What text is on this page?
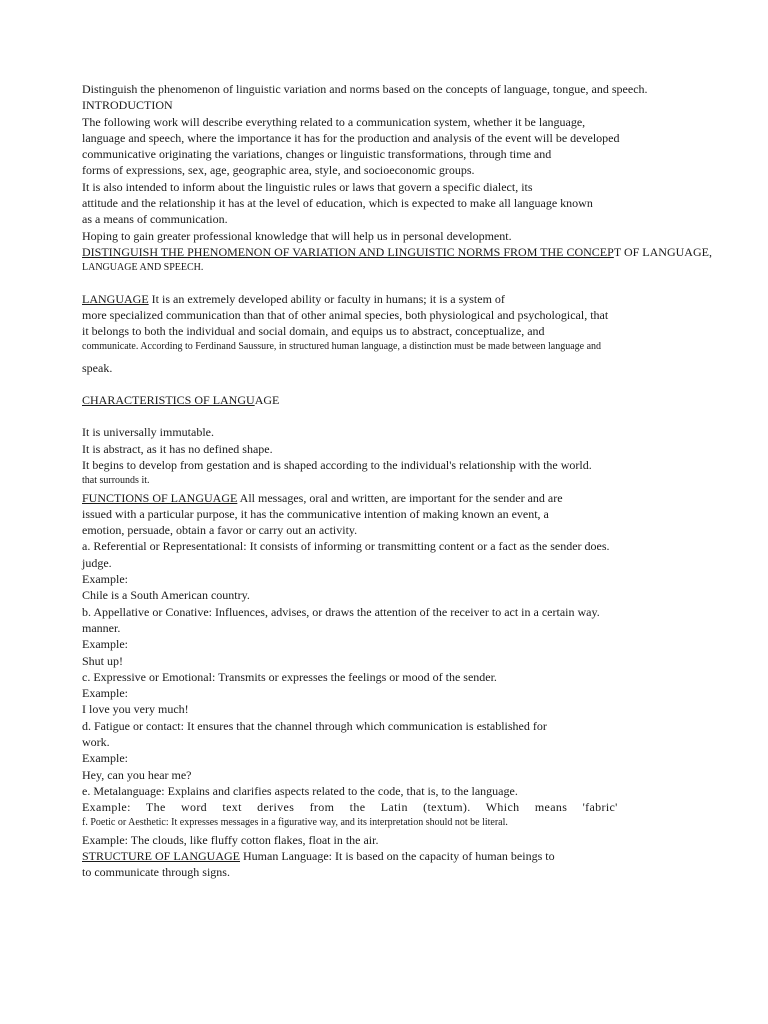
Distinguish the phenomenon of linguistic variation and norms based on the concepts of language, tongue, and speech.
INTRODUCTION
The following work will describe everything related to a communication system, whether it be language,
language and speech, where the importance it has for the production and analysis of the event will be developed
communicative originating the variations, changes or linguistic transformations, through time and
forms of expressions, sex, age, geographic area, style, and socioeconomic groups.
It is also intended to inform about the linguistic rules or laws that govern a specific dialect, its
attitude and the relationship it has at the level of education, which is expected to make all language known
as a means of communication.
Hoping to gain greater professional knowledge that will help us in personal development.
DISTINGUISH THE PHENOMENON OF VARIATION AND LINGUISTIC NORMS FROM THE CONCEPT OF LANGUAGE,
LANGUAGE AND SPEECH.
LANGUAGE It is an extremely developed ability or faculty in humans; it is a system of
more specialized communication than that of other animal species, both physiological and psychological, that
it belongs to both the individual and social domain, and equips us to abstract, conceptualize, and
communicate. According to Ferdinand Saussure, in structured human language, a distinction must be made between language and
speak.
CHARACTERISTICS OF LANGUAGE
It is universally immutable.
It is abstract, as it has no defined shape.
It begins to develop from gestation and is shaped according to the individual's relationship with the world.
that surrounds it.
FUNCTIONS OF LANGUAGE All messages, oral and written, are important for the sender and are
issued with a particular purpose, it has the communicative intention of making known an event, a
emotion, persuade, obtain a favor or carry out an activity.
a. Referential or Representational: It consists of informing or transmitting content or a fact as the sender does.
judge.
Example:
Chile is a South American country.
b. Appellative or Conative: Influences, advises, or draws the attention of the receiver to act in a certain way.
manner.
Example:
Shut up!
c. Expressive or Emotional: Transmits or expresses the feelings or mood of the sender.
Example:
I love you very much!
d. Fatigue or contact: It ensures that the channel through which communication is established for
work.
Example:
Hey, can you hear me?
e. Metalanguage: Explains and clarifies aspects related to the code, that is, to the language.
Example: The word text derives from the Latin (textum). Which means 'fabric'
f. Poetic or Aesthetic: It expresses messages in a figurative way, and its interpretation should not be literal.
Example: The clouds, like fluffy cotton flakes, float in the air.
STRUCTURE OF LANGUAGE Human Language: It is based on the capacity of human beings to
to communicate through signs.
